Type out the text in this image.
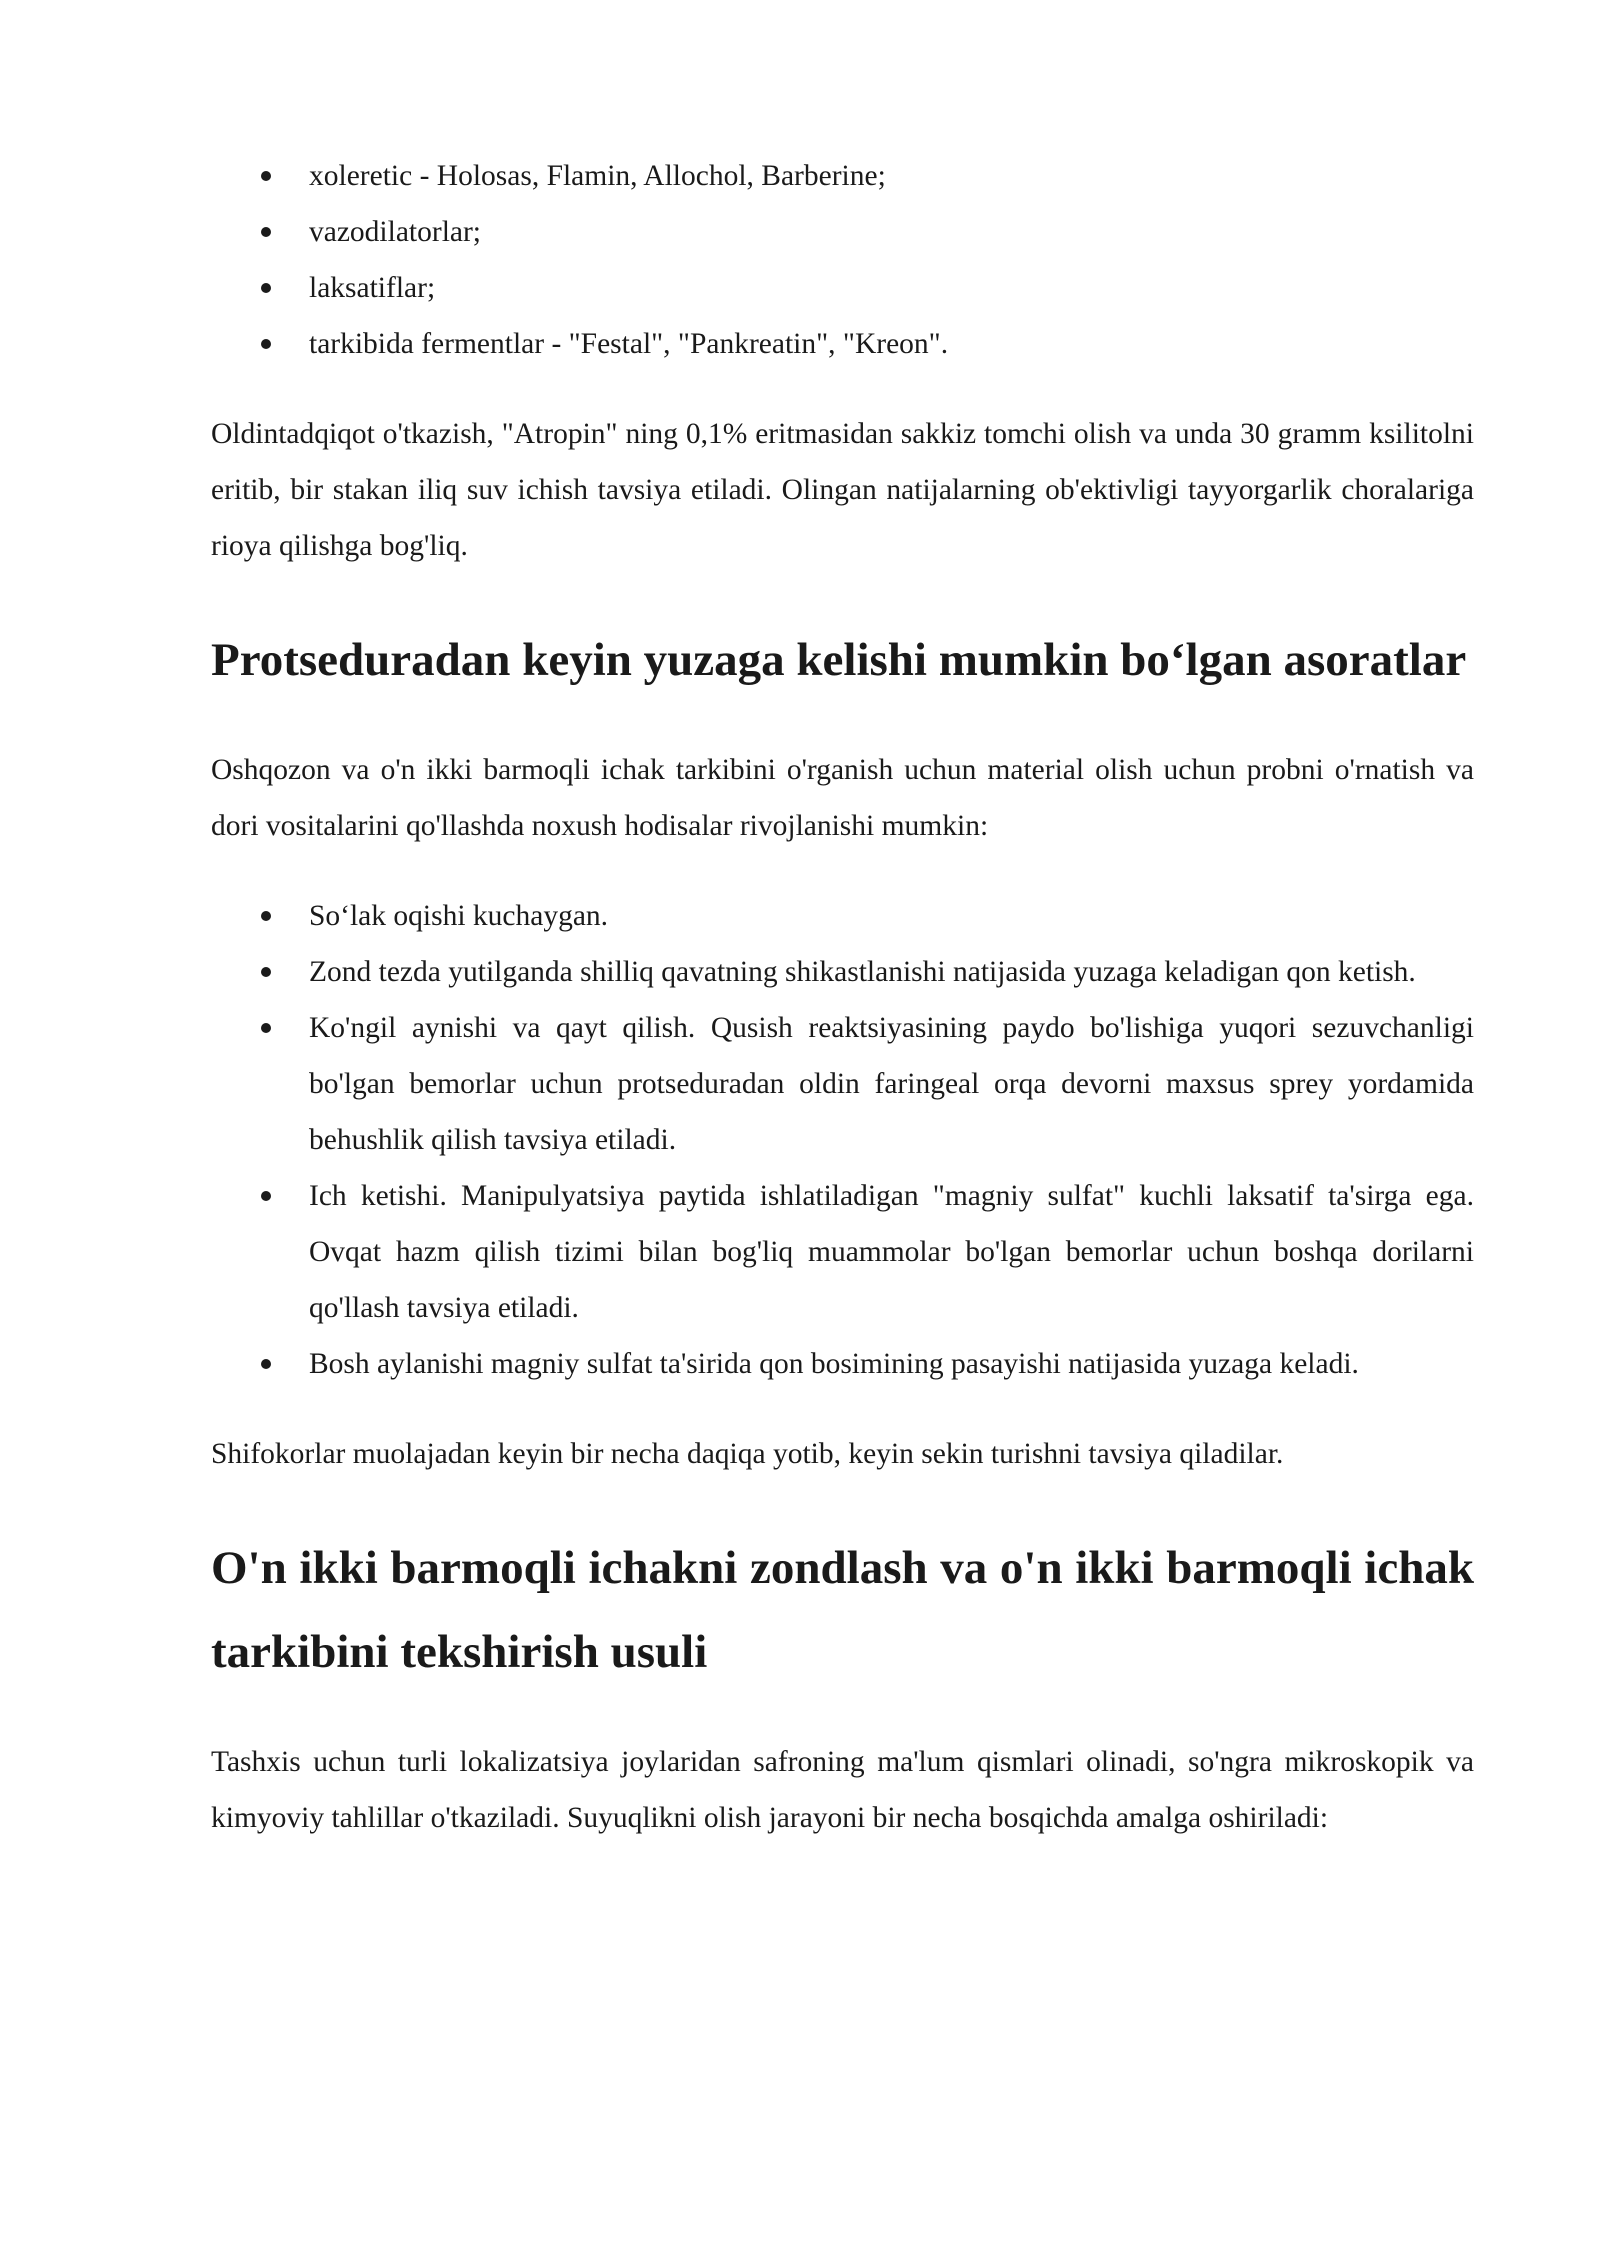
xoleretic - Holosas, Flamin, Allochol, Barberine;
vazodilatorlar;
laksatiflar;
tarkibida fermentlar - "Festal", "Pankreatin", "Kreon".

Oldintadqiqot o'tkazish, "Atropin" ning 0,1% eritmasidan sakkiz tomchi olish va unda 30 gramm ksilitolni eritib, bir stakan iliq suv ichish tavsiya etiladi. Olingan natijalarning ob'ektivligi tayyorgarlik choralariga rioya qilishga bog'liq.

Protseduradan keyin yuzaga kelishi mumkin bo‘lgan asoratlar

Oshqozon va o'n ikki barmoqli ichak tarkibini o'rganish uchun material olish uchun probni o'rnatish va dori vositalarini qo'llashda noxush hodisalar rivojlanishi mumkin:

So‘lak oqishi kuchaygan.
Zond tezda yutilganda shilliq qavatning shikastlanishi natijasida yuzaga keladigan qon ketish.
Ko'ngil aynishi va qayt qilish. Qusish reaktsiyasining paydo bo'lishiga yuqori sezuvchanligi bo'lgan bemorlar uchun protseduradan oldin faringeal orqa devorni maxsus sprey yordamida behushlik qilish tavsiya etiladi.
Ich ketishi. Manipulyatsiya paytida ishlatiladigan "magniy sulfat" kuchli laksatif ta'sirga ega. Ovqat hazm qilish tizimi bilan bog'liq muammolar bo'lgan bemorlar uchun boshqa dorilarni qo'llash tavsiya etiladi.
Bosh aylanishi magniy sulfat ta'sirida qon bosimining pasayishi natijasida yuzaga keladi.

Shifokorlar muolajadan keyin bir necha daqiqa yotib, keyin sekin turishni tavsiya qiladilar.

O'n ikki barmoqli ichakni zondlash va o'n ikki barmoqli ichak tarkibini tekshirish usuli

Tashxis uchun turli lokalizatsiya joylaridan safroning ma'lum qismlari olinadi, so'ngra mikroskopik va kimyoviy tahlillar o'tkaziladi. Suyuqlikni olish jarayoni bir necha bosqichda amalga oshiriladi:
